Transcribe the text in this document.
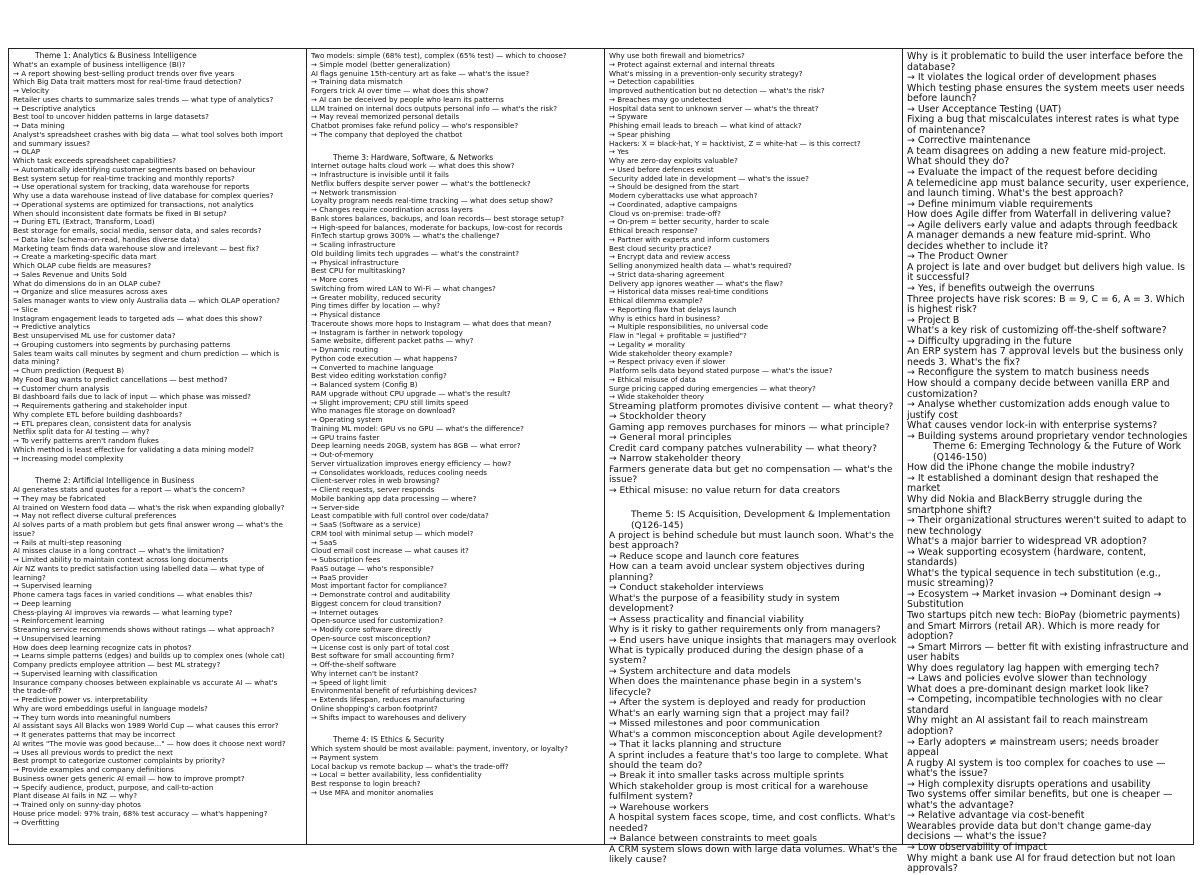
Theme 1: Analytics & Business Intelligence
What's an example of business intelligence (BI)?
→ A report showing best-selling product trends over five years
Which Big Data trait matters most for real-time fraud detection?
→ Velocity
Retailer uses charts to summarize sales trends — what type of analytics?
→ Descriptive analytics
Best tool to uncover hidden patterns in large datasets?
→ Data mining
Analyst's spreadsheet crashes with big data — what tool solves both import
and summary issues?
→ OLAP
Which task exceeds spreadsheet capabilities?
→ Automatically identifying customer segments based on behaviour
Best system setup for real-time tracking and monthly reports?
→ Use operational system for tracking, data warehouse for reports
Why use a data warehouse instead of live database for complex queries?
→ Operational systems are optimized for transactions, not analytics
When should inconsistent date formats be fixed in BI setup?
→ During ETL (Extract, Transform, Load)
Best storage for emails, social media, sensor data, and sales records?
→ Data lake (schema-on-read, handles diverse data)
Marketing team finds data warehouse slow and irrelevant — best fix?
→ Create a marketing-specific data mart
Which OLAP cube fields are measures?
→ Sales Revenue and Units Sold
What do dimensions do in an OLAP cube?
→ Organize and slice measures across axes
Sales manager wants to view only Australia data — which OLAP operation?
→ Slice
Instagram engagement leads to targeted ads — what does this show?
→ Predictive analytics
Best unsupervised ML use for customer data?
→ Grouping customers into segments by purchasing patterns
Sales team waits call minutes by segment and churn prediction — which is
data mining?
→ Churn prediction (Request B)
My Food Bag wants to predict cancellations — best method?
→ Customer churn analysis
BI dashboard fails due to lack of input — which phase was missed?
→ Requirements gathering and stakeholder input
Why complete ETL before building dashboards?
→ ETL prepares clean, consistent data for analysis
Netflix split data for AI testing — why?
→ To verify patterns aren't random flukes
Which method is least effective for validating a data mining model?
→ Increasing model complexity
Theme 2: Artificial Intelligence in Business
AI generates stats and quotes for a report — what's the concern?
→ They may be fabricated
AI trained on Western food data — what's the risk when expanding globally?
→ May not reflect diverse cultural preferences
AI solves parts of a math problem but gets final answer wrong — what's the
issue?
→ Fails at multi-step reasoning
AI misses clause in a long contract — what's the limitation?
→ Limited ability to maintain context across long documents
Air NZ wants to predict satisfaction using labelled data — what type of
learning?
→ Supervised learning
Phone camera tags faces in varied conditions — what enables this?
→ Deep learning
Chess-playing AI improves via rewards — what learning type?
→ Reinforcement learning
Streaming service recommends shows without ratings — what approach?
→ Unsupervised learning
How does deep learning recognize cats in photos?
→ Learns simple patterns (edges) and builds up to complex ones (whole cat)
Company predicts employee attrition — best ML strategy?
→ Supervised learning with classification
Insurance company chooses between explainable vs accurate AI — what's
the trade-off?
→ Predictive power vs. interpretability
Why are word embeddings useful in language models?
→ They turn words into meaningful numbers
AI assistant says All Blacks won 1989 World Cup — what causes this error?
→ It generates patterns that may be incorrect
AI writes "The movie was good because..." — how does it choose next word?
→ Uses all previous words to predict the next
Best prompt to categorize customer complaints by priority?
→ Provide examples and company definitions
Business owner gets generic AI email — how to improve prompt?
→ Specify audience, product, purpose, and call-to-action
Plant disease AI fails in NZ — why?
→ Trained only on sunny-day photos
House price model: 97% train, 68% test accuracy — what's happening?
→ Overfitting
Two models: simple (68% test), complex (65% test) — which to choose?
→ Simple model (better generalization)
AI flags genuine 15th-century art as fake — what's the issue?
→ Training data mismatch
Forgers trick AI over time — what does this show?
→ AI can be deceived by people who learn its patterns
LLM trained on internal docs outputs personal info — what's the risk?
→ May reveal memorized personal details
Chatbot promises fake refund policy — who's responsible?
→ The company that deployed the chatbot
Theme 3: Hardware, Software, & Networks
Internet outage halts cloud work — what does this show?
→ Infrastructure is invisible until it fails
Netflix buffers despite server power — what's the bottleneck?
→ Network transmission
Loyalty program needs real-time tracking — what does setup show?
→ Changes require coordination across layers
Bank stores balances, backups, and loan records— best storage setup?
→ High-speed for balances, moderate for backups, low-cost for records
FinTech startup grows 300% — what's the challenge?
→ Scaling infrastructure
Old building limits tech upgrades — what's the constraint?
→ Physical infrastructure
Best CPU for multitasking?
→ More cores
Switching from wired LAN to Wi-Fi — what changes?
→ Greater mobility, reduced security
Ping times differ by location — why?
→ Physical distance
Traceroute shows more hops to Instagram — what does that mean?
→ Instagram is farther in network topology
Same website, different packet paths — why?
→ Dynamic routing
Python code execution — what happens?
→ Converted to machine language
Best video editing workstation config?
→ Balanced system (Config B)
RAM upgrade without CPU upgrade — what's the result?
→ Slight improvement; CPU still limits speed
Who manages file storage on download?
→ Operating system
Training ML model: GPU vs no GPU — what's the difference?
→ GPU trains faster
Deep learning needs 20GB, system has 8GB — what error?
→ Out-of-memory
Server virtualization improves energy efficiency — how?
→ Consolidates workloads, reduces cooling needs
Client-server roles in web browsing?
→ Client requests, server responds
Mobile banking app data processing — where?
→ Server-side
Least compatible with full control over code/data?
→ SaaS (Software as a service)
CRM tool with minimal setup — which model?
→ SaaS
Cloud email cost increase — what causes it?
→ Subscription fees
PaaS outage — who's responsible?
→ PaaS provider
Most important factor for compliance?
→ Demonstrate control and auditability
Biggest concern for cloud transition?
→ Internet outages
Open-source used for customization?
→ Modify core software directly
Open-source cost misconception?
→ License cost is only part of total cost
Best software for small accounting firm?
→ Off-the-shelf software
Why internet can't be instant?
→ Speed of light limit
Environmental benefit of refurbishing devices?
→ Extends lifespan, reduces manufacturing
Online shopping's carbon footprint?
→ Shifts impact to warehouses and delivery
Theme 4: IS Ethics & Security
Which system should be most available: payment, inventory, or loyalty?
→ Payment system
Local backup vs remote backup — what's the trade-off?
→ Local = better availability, less confidentiality
Best response to login breach?
→ Use MFA and monitor anomalies
Why use both firewall and biometrics?
→ Protect against external and internal threats
What's missing in a prevention-only security strategy?
→ Detection capabilities
Improved authentication but no detection — what's the risk?
→ Breaches may go undetected
Hospital data sent to unknown server — what's the threat?
→ Spyware
Phishing email leads to breach — what kind of attack?
→ Spear phishing
Hackers: X = black-hat, Y = hacktivist, Z = white-hat — is this correct?
→ Yes
Why are zero-day exploits valuable?
→ Used before defences exist
Security added late in development — what's the issue?
→ Should be designed from the start
Modern cyberattacks use what approach?
→ Coordinated, adaptive campaigns
Cloud vs on-premise: trade-off?
→ On-prem = better security, harder to scale
Ethical breach response?
→ Partner with experts and inform customers
Best cloud security practice?
→ Encrypt data and review access
Selling anonymized health data — what's required?
→ Strict data-sharing agreement
Delivery app ignores weather — what's the flaw?
→ Historical data misses real-time conditions
Ethical dilemma example?
→ Reporting flaw that delays launch
Why is ethics hard in business?
→ Multiple responsibilities, no universal code
Flaw in "legal + profitable = justified"?
→ Legality ≠ morality
Wide stakeholder theory example?
→ Respect privacy even if slower
Platform sells data beyond stated purpose — what's the issue?
→ Ethical misuse of data
Surge pricing capped during emergencies — what theory?
→ Wide stakeholder theory
Streaming platform promotes divisive content — what theory?
→ Stockholder theory
Gaming app removes purchases for minors — what principle?
→ General moral principles
Credit card company patches vulnerability — what theory?
→ Narrow stakeholder theory
Farmers generate data but get no compensation — what's the
issue?
→ Ethical misuse: no value return for data creators
Theme 5: IS Acquisition, Development & Implementation (Q126-145)
A project is behind schedule but must launch soon. What's the best approach?
→ Reduce scope and launch core features
How can a team avoid unclear system objectives during planning?
→ Conduct stakeholder interviews
What's the purpose of a feasibility study in system development?
→ Assess practicality and financial viability
Why is it risky to gather requirements only from managers?
→ End users have unique insights that managers may overlook
What is typically produced during the design phase of a system?
→ System architecture and data models
When does the maintenance phase begin in a system's lifecycle?
→ After the system is deployed and ready for production
What's an early warning sign that a project may fail?
→ Missed milestones and poor communication
What's a common misconception about Agile development?
→ That it lacks planning and structure
A sprint includes a feature that's too large to complete. What should the team do?
→ Break it into smaller tasks across multiple sprints
Which stakeholder group is most critical for a warehouse fulfilment system?
→ Warehouse workers
A hospital system faces scope, time, and cost conflicts. What's needed?
→ Balance between constraints to meet goals
A CRM system slows down with large data volumes. What's the likely cause?
Why is it problematic to build the user interface before the database?
→ It violates the logical order of development phases
Which testing phase ensures the system meets user needs before launch?
→ User Acceptance Testing (UAT)
Fixing a bug that miscalculates interest rates is what type of maintenance?
→ Corrective maintenance
A team disagrees on adding a new feature mid-project. What should they do?
→ Evaluate the impact of the request before deciding
A telemedicine app must balance security, user experience, and launch timing. What's the best approach?
→ Define minimum viable requirements
How does Agile differ from Waterfall in delivering value?
→ Agile delivers early value and adapts through feedback
A manager demands a new feature mid-sprint. Who decides whether to include it?
→ The Product Owner
A project is late and over budget but delivers high value. Is it successful?
→ Yes, if benefits outweigh the overruns
Three projects have risk scores: B = 9, C = 6, A = 3. Which is highest risk?
→ Project B
What's a key risk of customizing off-the-shelf software?
→ Difficulty upgrading in the future
An ERP system has 7 approval levels but the business only needs 3. What's the fix?
→ Reconfigure the system to match business needs
How should a company decide between vanilla ERP and customization?
→ Analyse whether customization adds enough value to justify cost
What causes vendor lock-in with enterprise systems?
→ Building systems around proprietary vendor technologies
Theme 6: Emerging Technology & the Future of Work (Q146-150)
How did the iPhone change the mobile industry?
→ It established a dominant design that reshaped the market
Why did Nokia and BlackBerry struggle during the smartphone shift?
→ Their organizational structures weren't suited to adapt to new technology
What's a major barrier to widespread VR adoption?
→ Weak supporting ecosystem (hardware, content, standards)
What's the typical sequence in tech substitution (e.g., music streaming)?
→ Ecosystem → Market invasion → Dominant design → Substitution
Two startups pitch new tech: BioPay (biometric payments) and Smart Mirrors (retail AR). Which is more ready for adoption?
→ Smart Mirrors — better fit with existing infrastructure and user habits
Why does regulatory lag happen with emerging tech?
→ Laws and policies evolve slower than technology
What does a pre-dominant design market look like?
→ Competing, incompatible technologies with no clear standard
Why might an AI assistant fail to reach mainstream adoption?
→ Early adopters ≠ mainstream users; needs broader appeal
A rugby AI system is too complex for coaches to use — what's the issue?
→ High complexity disrupts operations and usability
Two systems offer similar benefits, but one is cheaper — what's the advantage?
→ Relative advantage via cost-benefit
Wearables provide data but don't change game-day decisions — what's the issue?
→ Low observability of impact
Why might a bank use AI for fraud detection but not loan approvals?
